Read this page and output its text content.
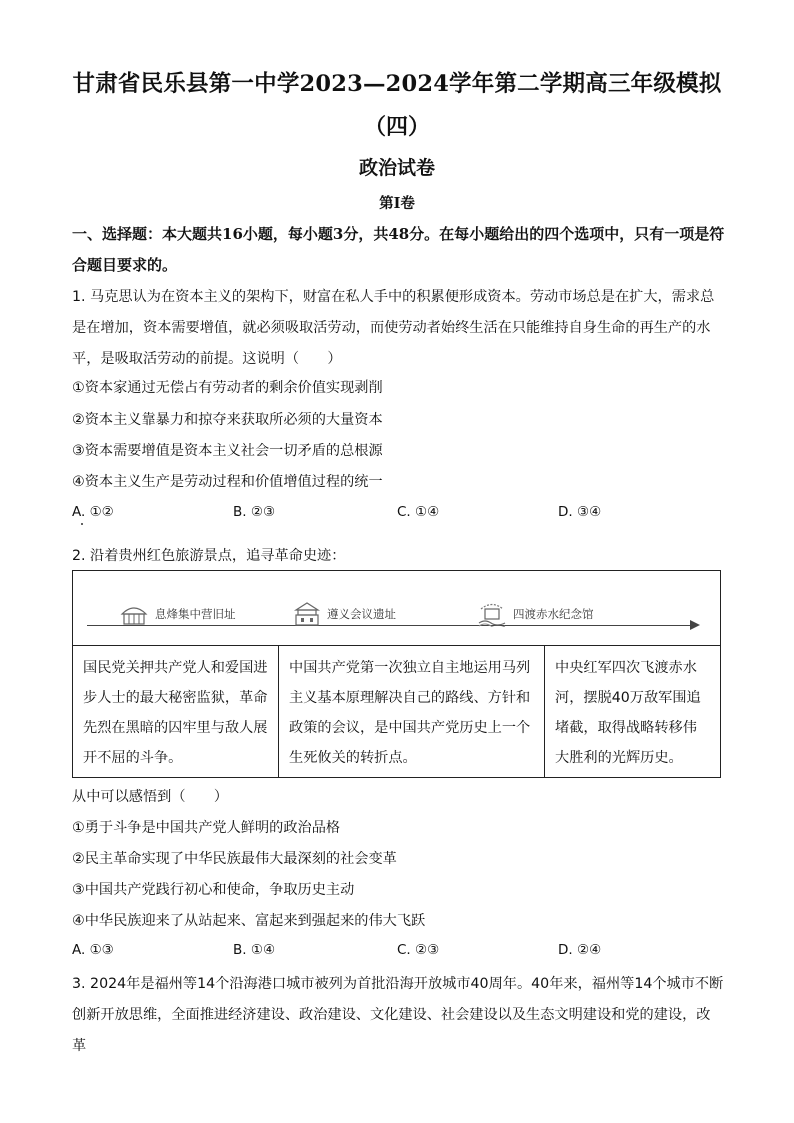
甘肃省民乐县第一中学2023—2024学年第二学期高三年级模拟
（四）
政治试卷
第Ⅰ卷
一、选择题：本大题共16小题，每小题3分，共48分。在每小题给出的四个选项中，只有一项是符合题目要求的。
1. 马克思认为在资本主义的架构下，财富在私人手中的积累便形成资本。劳动市场总是在扩大，需求总是在增加，资本需要增值，就必须吸取活劳动，而使劳动者始终生活在只能维持自身生命的再生产的水平，是吸取活劳动的前提。这说明（　　）
①资本家通过无偿占有劳动者的剩余价值实现剥削
②资本主义靠暴力和掠夺来获取所必须的大量资本
③资本需要增值是资本主义社会一切矛盾的总根源
④资本主义生产是劳动过程和价值增值过程的统一
A. ①②	B. ②③	C. ①④	D. ③④
2. 沿着贵州红色旅游景点，追寻革命史迹：
息烽集中营旧址	遵义会议遗址	四渡赤水纪念馆
国民党关押共产党人和爱国进步人士的最大秘密监狱，革命先烈在黑暗的囚牢里与敌人展开不屈的斗争。
中国共产党第一次独立自主地运用马列主义基本原理解决自己的路线、方针和政策的会议，是中国共产党历史上一个生死攸关的转折点。
中央红军四次飞渡赤水河，摆脱40万敌军围追堵截，取得战略转移伟大胜利的光辉历史。
从中可以感悟到（　　）
①勇于斗争是中国共产党人鲜明的政治品格
②民主革命实现了中华民族最伟大最深刻的社会变革
③中国共产党践行初心和使命，争取历史主动
④中华民族迎来了从站起来、富起来到强起来的伟大飞跃
A. ①③	B. ①④	C. ②③	D. ②④
3. 2024年是福州等14个沿海港口城市被列为首批沿海开放城市40周年。40年来，福州等14个城市不断创新开放思维，全面推进经济建设、政治建设、文化建设、社会建设以及生态文明建设和党的建设，改革
